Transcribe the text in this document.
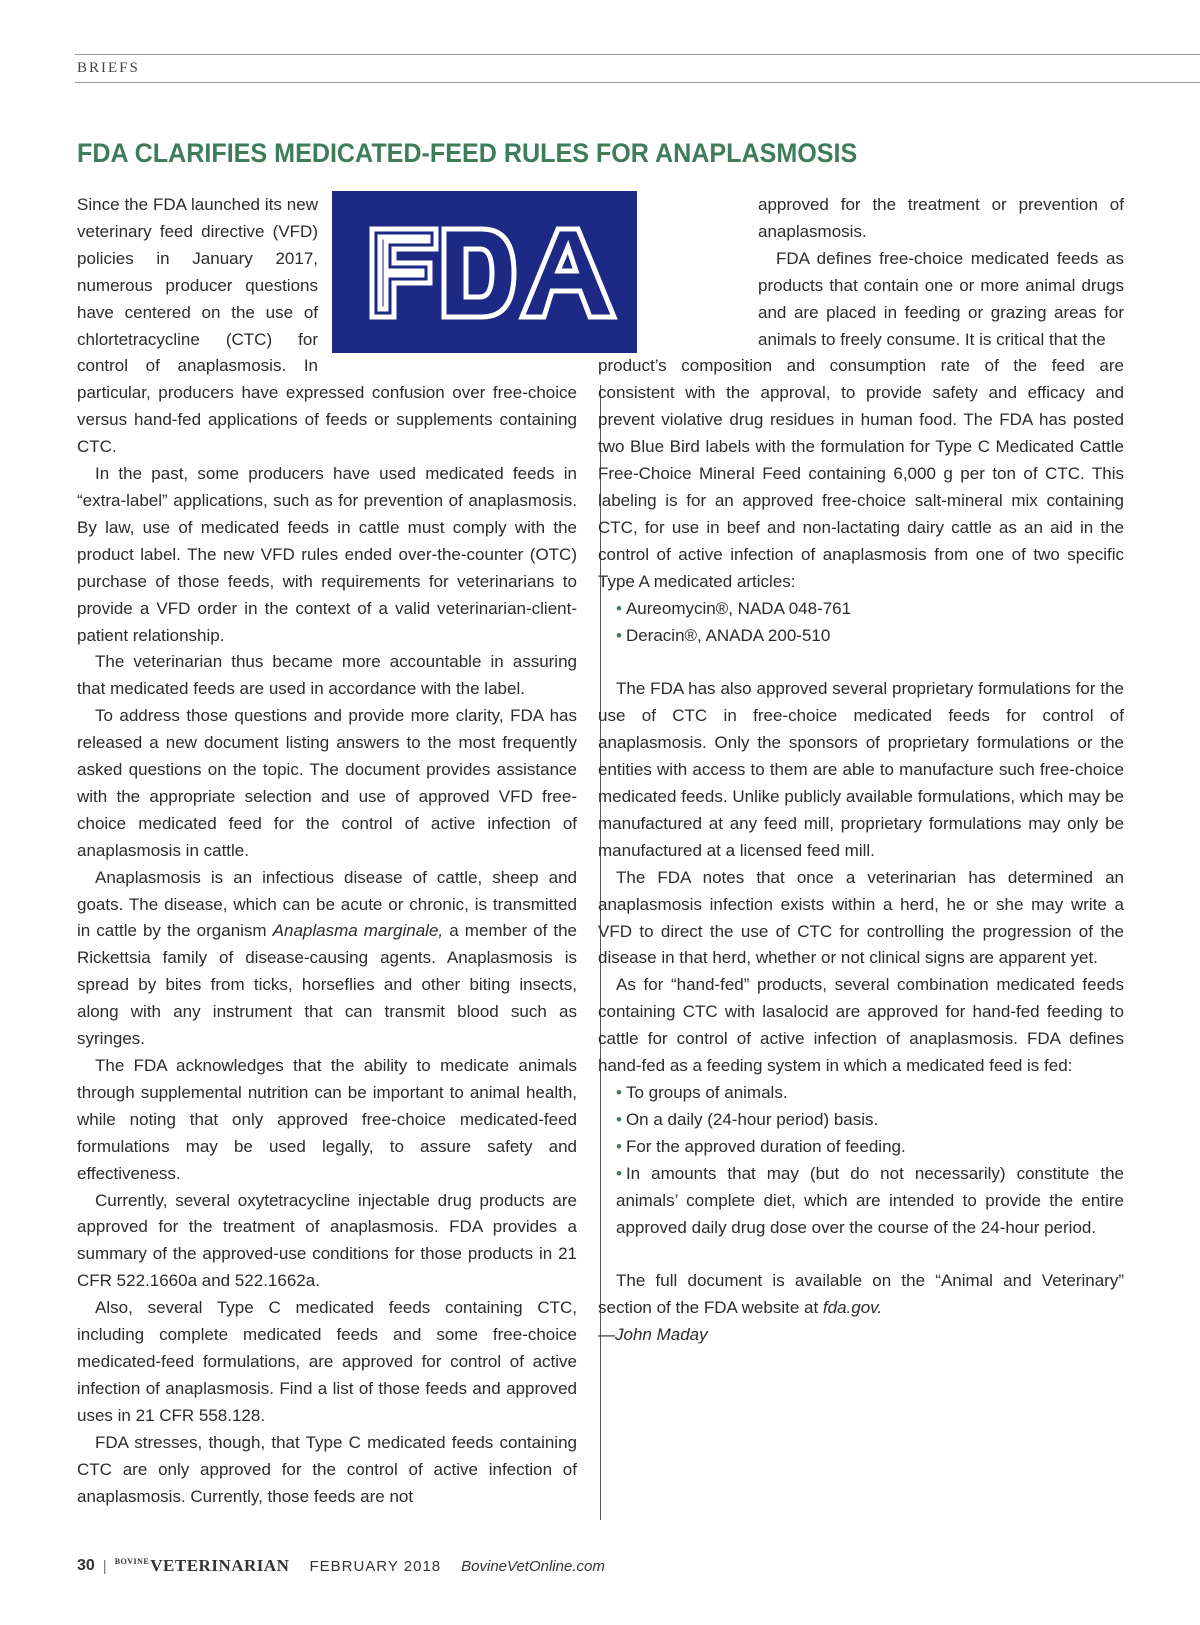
BRIEFS
FDA CLARIFIES MEDICATED-FEED RULES FOR ANAPLASMOSIS
FDA

Since the FDA launched its new veterinary feed directive (VFD) policies in January 2017, numerous producer questions have centered on the use of chlortetracycline (CTC) for control of anaplasmosis. In particular, producers have expressed confusion over free-choice versus hand-fed applications of feeds or supplements containing CTC.

In the past, some producers have used medicated feeds in “extra-label” applications, such as for prevention of anaplasmosis. By law, use of medicated feeds in cattle must comply with the product label. The new VFD rules ended over-the-counter (OTC) purchase of those feeds, with requirements for veterinarians to provide a VFD order in the context of a valid veterinarian-client-patient relationship.

The veterinarian thus became more accountable in assuring that medicated feeds are used in accordance with the label.

To address those questions and provide more clarity, FDA has released a new document listing answers to the most frequently asked questions on the topic. The document provides assistance with the appropriate selection and use of approved VFD free-choice medicated feed for the control of active infection of anaplasmosis in cattle.

Anaplasmosis is an infectious disease of cattle, sheep and goats. The disease, which can be acute or chronic, is transmitted in cattle by the organism Anaplasma marginale, a member of the Rickettsia family of disease-causing agents. Anaplasmosis is spread by bites from ticks, horseflies and other biting insects, along with any instrument that can transmit blood such as syringes.

The FDA acknowledges that the ability to medicate animals through supplemental nutrition can be important to animal health, while noting that only approved free-choice medicated-feed formulations may be used legally, to assure safety and effectiveness.

Currently, several oxytetracycline injectable drug products are approved for the treatment of anaplasmosis. FDA provides a summary of the approved-use conditions for those products in 21 CFR 522.1660a and 522.1662a.

Also, several Type C medicated feeds containing CTC, including complete medicated feeds and some free-choice medicated-feed formulations, are approved for control of active infection of anaplasmosis. Find a list of those feeds and approved uses in 21 CFR 558.128.

FDA stresses, though, that Type C medicated feeds containing CTC are only approved for the control of active infection of anaplasmosis. Currently, those feeds are not

approved for the treatment or prevention of anaplasmosis.

FDA defines free-choice medicated feeds as products that contain one or more animal drugs and are placed in feeding or grazing areas for animals to freely consume. It is critical that the

product’s composition and consumption rate of the feed are consistent with the approval, to provide safety and efficacy and prevent violative drug residues in human food. The FDA has posted two Blue Bird labels with the formulation for Type C Medicated Cattle Free-Choice Mineral Feed containing 6,000 g per ton of CTC. This labeling is for an approved free-choice salt-mineral mix containing CTC, for use in beef and non-lactating dairy cattle as an aid in the control of active infection of anaplasmosis from one of two specific Type A medicated articles:

• Aureomycin®, NADA 048-761

• Deracin®, ANADA 200-510

The FDA has also approved several proprietary formulations for the use of CTC in free-choice medicated feeds for control of anaplasmosis. Only the sponsors of proprietary formulations or the entities with access to them are able to manufacture such free-choice medicated feeds. Unlike publicly available formulations, which may be manufactured at any feed mill, proprietary formulations may only be manufactured at a licensed feed mill.

The FDA notes that once a veterinarian has determined an anaplasmosis infection exists within a herd, he or she may write a VFD to direct the use of CTC for controlling the progression of the disease in that herd, whether or not clinical signs are apparent yet.

As for “hand-fed” products, several combination medicated feeds containing CTC with lasalocid are approved for hand-fed feeding to cattle for control of active infection of anaplasmosis. FDA defines hand-fed as a feeding system in which a medicated feed is fed:

• To groups of animals.

• On a daily (24-hour period) basis.

• For the approved duration of feeding.

• In amounts that may (but do not necessarily) constitute the animals’ complete diet, which are intended to provide the entire approved daily drug dose over the course of the 24-hour period.

The full document is available on the “Animal and Veterinary” section of the FDA website at fda.gov.

—John Maday

30 | $^{BOVINE}$VETERINARIAN FEBRUARY 2018 BovineVetOnline.com
